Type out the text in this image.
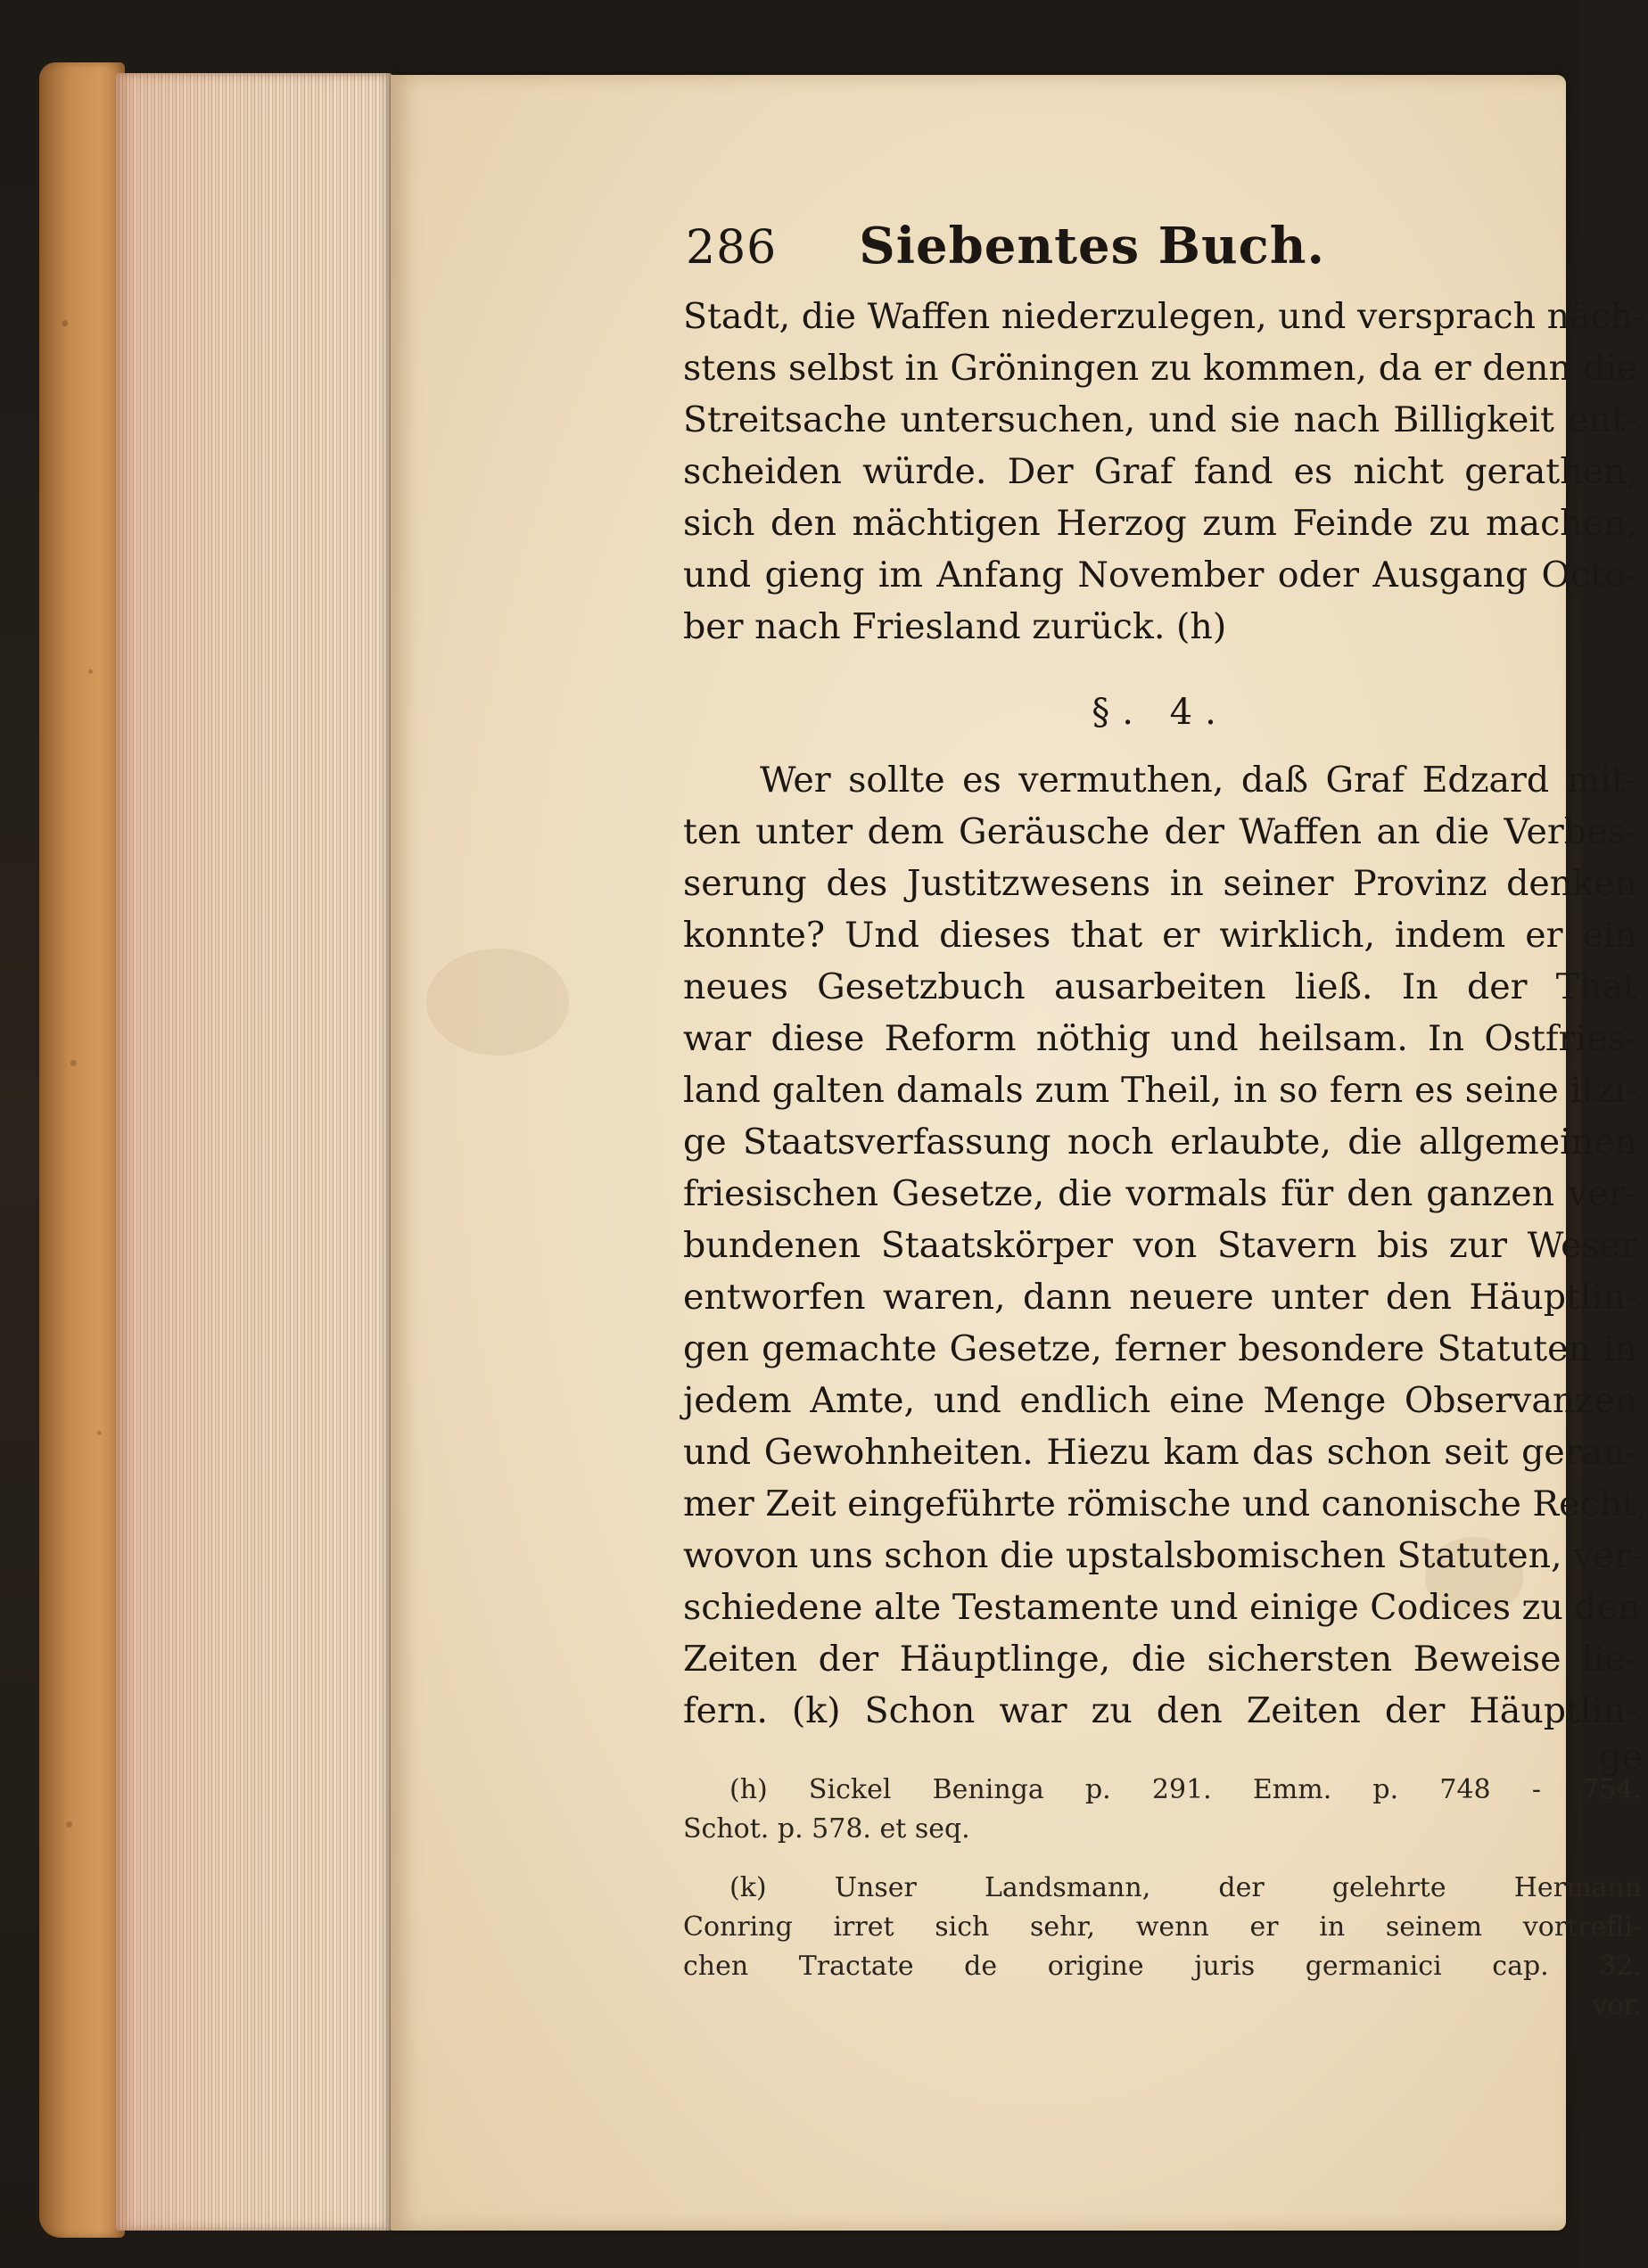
286 Siebentes Buch.
Stadt, die Waffen niederzulegen, und versprach näch-
stens selbst in Gröningen zu kommen, da er denn die
Streitsache untersuchen, und sie nach Billigkeit ent-
scheiden würde. Der Graf fand es nicht gerathen,
sich den mächtigen Herzog zum Feinde zu machen,
und gieng im Anfang November oder Ausgang Octo-
ber nach Friesland zurück. (h)
§. 4.
Wer sollte es vermuthen, daß Graf Edzard mit-
ten unter dem Geräusche der Waffen an die Verbes-
serung des Justitzwesens in seiner Provinz denken
konnte? Und dieses that er wirklich, indem er ein
neues Gesetzbuch ausarbeiten ließ. In der That
war diese Reform nöthig und heilsam. In Ostfries-
land galten damals zum Theil, in so fern es seine itzi-
ge Staatsverfassung noch erlaubte, die allgemeinen
friesischen Gesetze, die vormals für den ganzen ver-
bundenen Staatskörper von Stavern bis zur Weser
entworfen waren, dann neuere unter den Häuptlin-
gen gemachte Gesetze, ferner besondere Statuten in
jedem Amte, und endlich eine Menge Observanzen
und Gewohnheiten. Hiezu kam das schon seit gerau-
mer Zeit eingeführte römische und canonische Recht,
wovon uns schon die upstalsbomischen Statuten, ver-
schiedene alte Testamente und einige Codices zu den
Zeiten der Häuptlinge, die sichersten Beweise lie-
fern. (k) Schon war zu den Zeiten der Häuptlin-
ge
(h) Sickel Beninga p. 291. Emm. p. 748 - 754.
Schot. p. 578. et seq.
(k) Unser Landsmann, der gelehrte Hermann
Conring irret sich sehr, wenn er in seinem vortrefli-
chen Tractate de origine juris germanici cap. 32.
vor.
